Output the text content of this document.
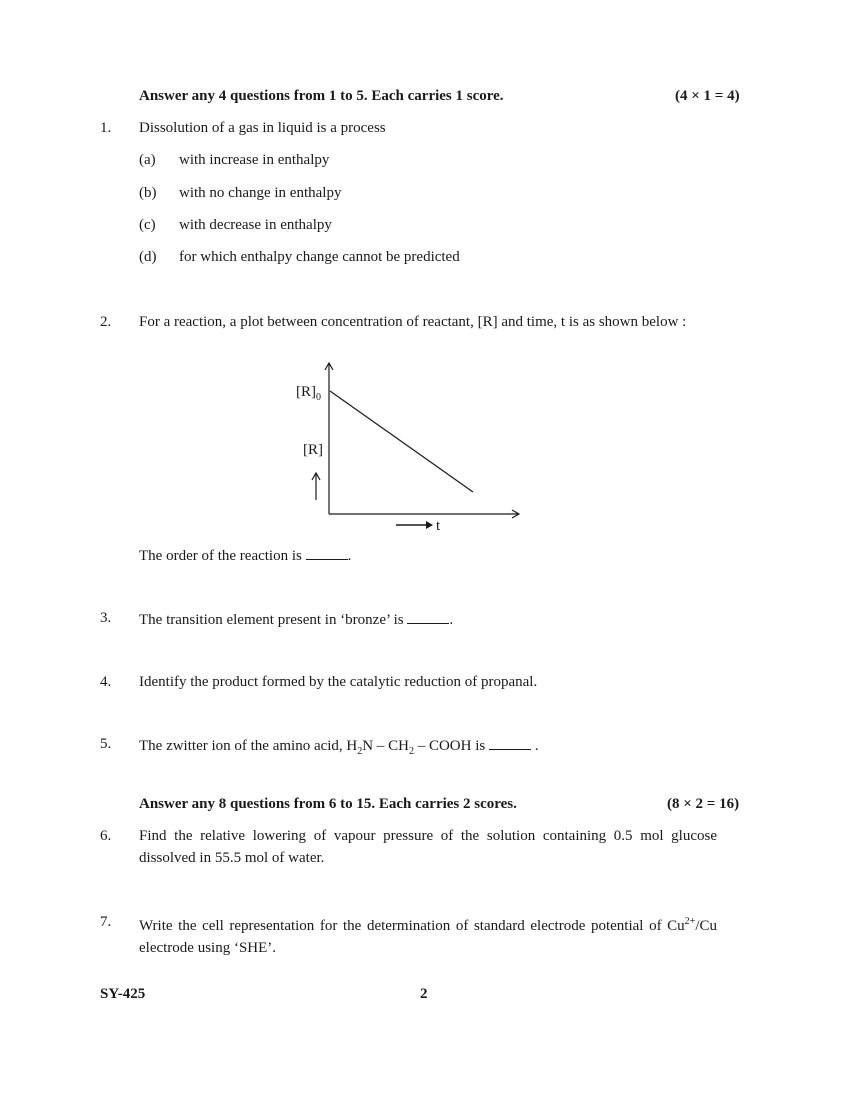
Answer any 4 questions from 1 to 5. Each carries 1 score.	(4 × 1 = 4)
1. Dissolution of a gas in liquid is a process
(a) with increase in enthalpy
(b) with no change in enthalpy
(c) with decrease in enthalpy
(d) for which enthalpy change cannot be predicted
2. For a reaction, a plot between concentration of reactant, [R] and time, t is as shown below :
$[R]_0$
[R]
t
The order of the reaction is	.
3. The transition element present in ‘bronze’ is	.
4. Identify the product formed by the catalytic reduction of propanal.
5. The zwitter ion of the amino acid, $H_2N - CH_2$ – COOH is	.
Answer any 8 questions from 6 to 15. Each carries 2 scores.	(8 × 2 = 16)
6. Find the relative lowering of vapour pressure of the solution containing 0.5 mol glucose dissolved in 55.5 mol of water.
7. Write the cell representation for the determination of standard electrode potential of $Cu^{2+}/Cu$ electrode using ‘SHE’.
SY-425	2
